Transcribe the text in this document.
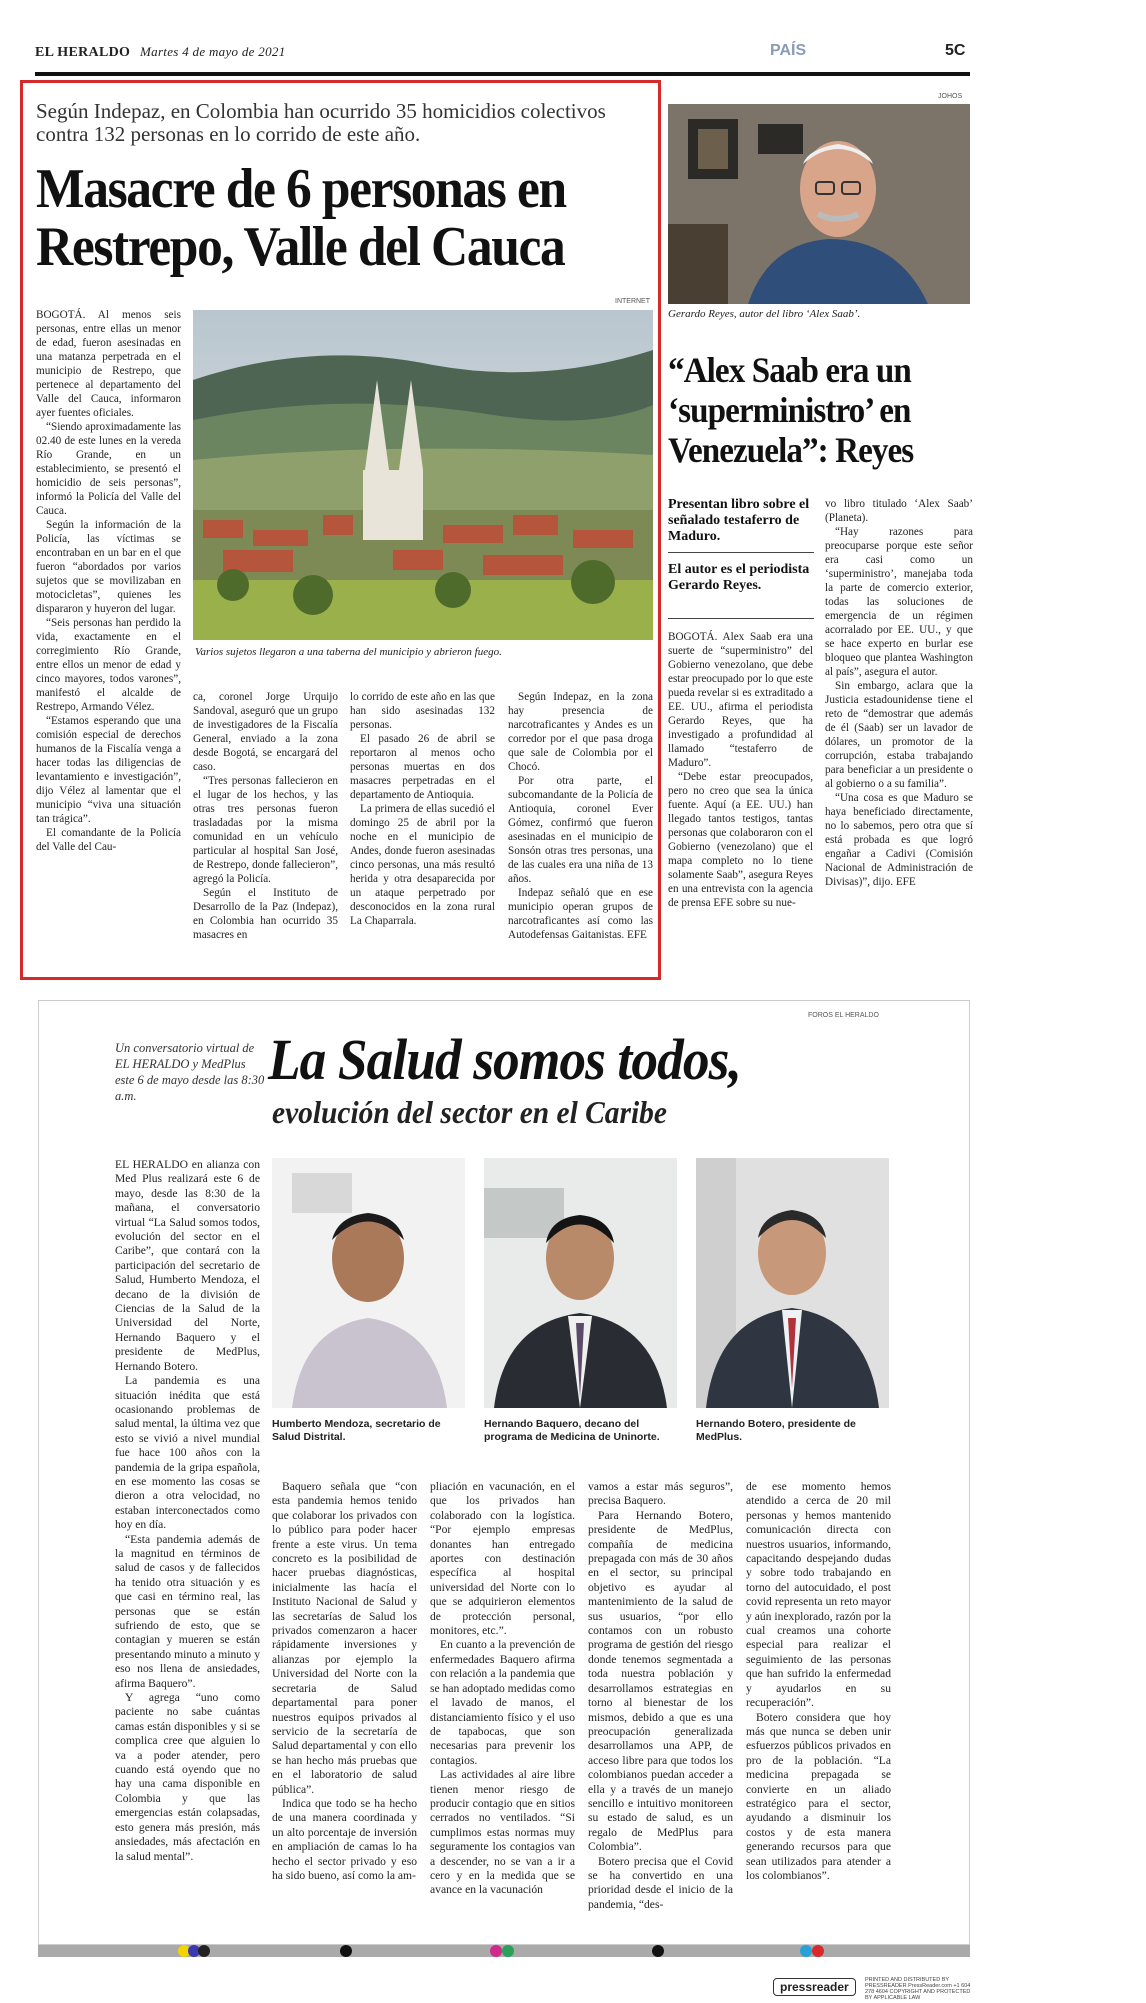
EL HERALDO Martes 4 de mayo de 2021	PAÍS	5C
Según Indepaz, en Colombia han ocurrido 35 homicidios colectivos contra 132 personas en lo corrido de este año.
Masacre de 6 personas en Restrepo, Valle del Cauca
INTERNET
Varios sujetos llegaron a una taberna del municipio y abrieron fuego.

BOGOTÁ. Al menos seis personas, entre ellas un menor de edad, fueron asesinadas en una matanza perpetrada en el municipio de Restrepo, que pertenece al departamento del Valle del Cauca, informaron ayer fuentes oficiales.

“Siendo aproximadamente las 02.40 de este lunes en la vereda Río Grande, en un establecimiento, se presentó el homicidio de seis personas”, informó la Policía del Valle del Cauca.

Según la información de la Policía, las víctimas se encontraban en un bar en el que fueron “abordados por varios sujetos que se movilizaban en motocicletas”, quienes les dispararon y huyeron del lugar.

“Seis personas han perdido la vida, exactamente en el corregimiento Río Grande, entre ellos un menor de edad y cinco mayores, todos varones”, manifestó el alcalde de Restrepo, Armando Vélez.

“Estamos esperando que una comisión especial de derechos humanos de la Fiscalía venga a hacer todas las diligencias de levantamiento e investigación”, dijo Vélez al lamentar que el municipio “viva una situación tan trágica”.

El comandante de la Policía del Valle del Cau-

ca, coronel Jorge Urquijo Sandoval, aseguró que un grupo de investigadores de la Fiscalía General, enviado a la zona desde Bogotá, se encargará del caso.

“Tres personas fallecieron en el lugar de los hechos, y las otras tres personas fueron trasladadas por la misma comunidad en un vehículo particular al hospital San José, de Restrepo, donde fallecieron”, agregó la Policía.

Según el Instituto de Desarrollo de la Paz (Indepaz), en Colombia han ocurrido 35 masacres en

lo corrido de este año en las que han sido asesinadas 132 personas.

El pasado 26 de abril se reportaron al menos ocho personas muertas en dos masacres perpetradas en el departamento de Antioquia.

La primera de ellas sucedió el domingo 25 de abril por la noche en el municipio de Andes, donde fueron asesinadas cinco personas, una más resultó herida y otra desaparecida por un ataque perpetrado por desconocidos en la zona rural La Chaparrala.

Según Indepaz, en la zona hay presencia de narcotraficantes y Andes es un corredor por el que pasa droga que sale de Colombia por el Chocó.

Por otra parte, el subcomandante de la Policía de Antioquia, coronel Ever Gómez, confirmó que fueron asesinadas en el municipio de Sonsón otras tres personas, una de las cuales era una niña de 13 años.

Indepaz señaló que en ese municipio operan grupos de narcotraficantes así como las Autodefensas Gaitanistas. EFE

JOHOS
Gerardo Reyes, autor del libro ‘Alex Saab’.
“Alex Saab era un ‘superministro’ en Venezuela”: Reyes
Presentan libro sobre el señalado testaferro de Maduro.
El autor es el periodista Gerardo Reyes.

BOGOTÁ. Alex Saab era una suerte de “superministro” del Gobierno venezolano, que debe estar preocupado por lo que este pueda revelar si es extraditado a EE. UU., afirma el periodista Gerardo Reyes, que ha investigado a profundidad al llamado “testaferro de Maduro”.

“Debe estar preocupados, pero no creo que sea la única fuente. Aquí (a EE. UU.) han llegado tantos testigos, tantas personas que colaboraron con el Gobierno (venezolano) que el mapa completo no lo tiene solamente Saab”, asegura Reyes en una entrevista con la agencia de prensa EFE sobre su nue-

vo libro titulado ‘Alex Saab’ (Planeta).

“Hay razones para preocuparse porque este señor era casi como un ‘superministro’, manejaba toda la parte de comercio exterior, todas las soluciones de emergencia de un régimen acorralado por EE. UU., y que se hace experto en burlar ese bloqueo que plantea Washington al país”, asegura el autor.

Sin embargo, aclara que la Justicia estadounidense tiene el reto de “demostrar que además de él (Saab) ser un lavador de dólares, un promotor de la corrupción, estaba trabajando para beneficiar a un presidente o al gobierno o a su familia”.

“Una cosa es que Maduro se haya beneficiado directamente, no lo sabemos, pero otra que sí está probada es que logró engañar a Cadivi (Comisión Nacional de Administración de Divisas)”, dijo. EFE

FOROS EL HERALDO
Un conversatorio virtual de EL HERALDO y MedPlus este 6 de mayo desde las 8:30 a.m.
La Salud somos todos,
evolución del sector en el Caribe
Humberto Mendoza, secretario de Salud Distrital.
Hernando Baquero, decano del programa de Medicina de Uninorte.
Hernando Botero, presidente de MedPlus.

EL HERALDO en alianza con Med Plus realizará este 6 de mayo, desde las 8:30 de la mañana, el conversatorio virtual “La Salud somos todos, evolución del sector en el Caribe”, que contará con la participación del secretario de Salud, Humberto Mendoza, el decano de la división de Ciencias de la Salud de la Universidad del Norte, Hernando Baquero y el presidente de MedPlus, Hernando Botero.

La pandemia es una situación inédita que está ocasionando problemas de salud mental, la última vez que esto se vivió a nivel mundial fue hace 100 años con la pandemia de la gripa española, en ese momento las cosas se dieron a otra velocidad, no estaban interconectados como hoy en día.

“Esta pandemia además de la magnitud en términos de salud de casos y de fallecidos ha tenido otra situación y es que casi en término real, las personas que se están sufriendo de esto, que se contagian y mueren se están presentando minuto a minuto y eso nos llena de ansiedades, afirma Baquero”.

Y agrega “uno como paciente no sabe cuántas camas están disponibles y si se complica cree que alguien lo va a poder atender, pero cuando está oyendo que no hay una cama disponible en Colombia y que las emergencias están colapsadas, esto genera más presión, más ansiedades, más afectación en la salud mental”.

Baquero señala que “con esta pandemia hemos tenido que colaborar los privados con lo público para poder hacer frente a este virus. Un tema concreto es la posibilidad de hacer pruebas diagnósticas, inicialmente las hacía el Instituto Nacional de Salud y las secretarías de Salud los privados comenzaron a hacer rápidamente inversiones y alianzas por ejemplo la Universidad del Norte con la secretaria de Salud departamental para poner nuestros equipos privados al servicio de la secretaría de Salud departamental y con ello se han hecho más pruebas que en el laboratorio de salud pública”.

Indica que todo se ha hecho de una manera coordinada y un alto porcentaje de inversión en ampliación de camas lo ha hecho el sector privado y eso ha sido bueno, así como la am-

pliación en vacunación, en el que los privados han colaborado con la logística. “Por ejemplo empresas donantes han entregado aportes con destinación específica al hospital universidad del Norte con lo que se adquirieron elementos de protección personal, monitores, etc.”.

En cuanto a la prevención de enfermedades Baquero afirma con relación a la pandemia que se han adoptado medidas como el lavado de manos, el distanciamiento físico y el uso de tapabocas, que son necesarias para prevenir los contagios.

Las actividades al aire libre tienen menor riesgo de producir contagio que en sitios cerrados no ventilados. “Si cumplimos estas normas muy seguramente los contagios van a descender, no se van a ir a cero y en la medida que se avance en la vacunación

vamos a estar más seguros”, precisa Baquero.

Para Hernando Botero, presidente de MedPlus, compañía de medicina prepagada con más de 30 años en el sector, su principal objetivo es ayudar al mantenimiento de la salud de sus usuarios, “por ello contamos con un robusto programa de gestión del riesgo donde tenemos segmentada a toda nuestra población y desarrollamos estrategias en torno al bienestar de los mismos, debido a que es una preocupación generalizada desarrollamos una APP, de acceso libre para que todos los colombianos puedan acceder a ella y a través de un manejo sencillo e intuitivo monitoreen su estado de salud, es un regalo de MedPlus para Colombia”.

Botero precisa que el Covid se ha convertido en una prioridad desde el inicio de la pandemia, “des-

de ese momento hemos atendido a cerca de 20 mil personas y hemos mantenido comunicación directa con nuestros usuarios, informando, capacitando despejando dudas y sobre todo trabajando en torno del autocuidado, el post covid representa un reto mayor y aún inexplorado, razón por la cual creamos una cohorte especial para realizar el seguimiento de las personas que han sufrido la enfermedad y ayudarlos en su recuperación”.

Botero considera que hoy más que nunca se deben unir esfuerzos públicos privados en pro de la población. “La medicina prepagada se convierte en un aliado estratégico para el sector, ayudando a disminuir los costos y de esta manera generando recursos para que sean utilizados para atender a los colombianos”.

pressreader	PRINTED AND DISTRIBUTED BY PRESSREADER PressReader.com +1 604 278 4604 COPYRIGHT AND PROTECTED BY APPLICABLE LAW
